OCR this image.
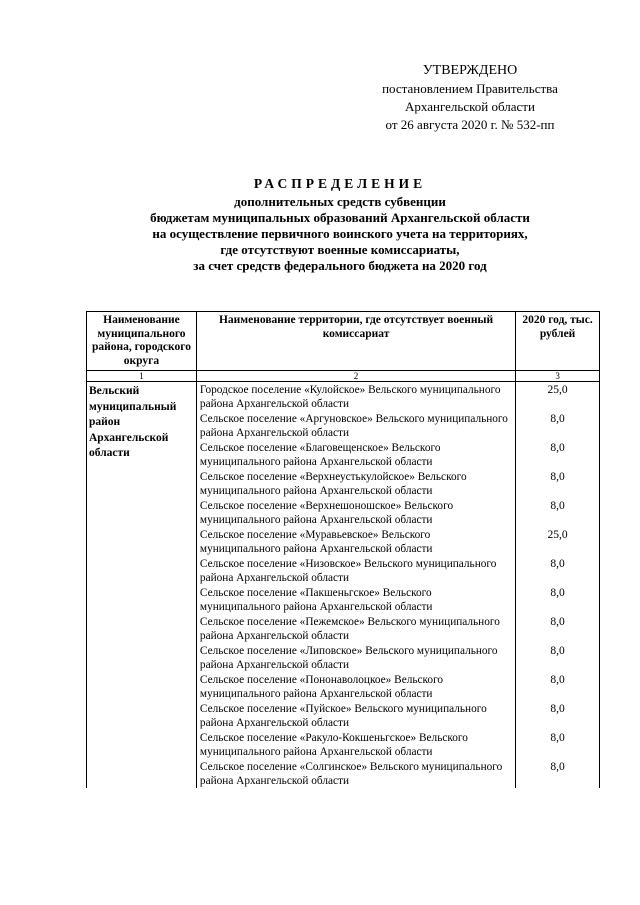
УТВЕРЖДЕНО
постановлением Правительства
Архангельской области
от 26 августа 2020 г. № 532-пп
РАСПРЕДЕЛЕНИЕ
дополнительных средств субвенции
бюджетам муниципальных образований Архангельской области
на осуществление первичного воинского учета на территориях,
где отсутствуют военные комиссариаты,
за счет средств федерального бюджета на 2020 год
Наименование муниципального района, городского округа	Наименование территории, где отсутствует военный комиссариат	2020 год, тыс. рублей
1	2	3
Вельский муниципальный район Архангельской области	Городское поселение «Кулойское» Вельского муниципального района Архангельской области	25,0
	Сельское поселение «Аргуновское» Вельского муниципального района Архангельской области	8,0
	Сельское поселение «Благовещенское» Вельского муниципального района Архангельской области	8,0
	Сельское поселение «Верхнеустькулойское» Вельского муниципального района Архангельской области	8,0
	Сельское поселение «Верхнешоношское» Вельского муниципального района Архангельской области	8,0
	Сельское поселение «Муравьевское» Вельского муниципального района Архангельской области	25,0
	Сельское поселение «Низовское» Вельского муниципального района Архангельской области	8,0
	Сельское поселение «Пакшеньгское» Вельского муниципального района Архангельской области	8,0
	Сельское поселение «Пежемское» Вельского муниципального района Архангельской области	8,0
	Сельское поселение «Липовское» Вельского муниципального района Архангельской области	8,0
	Сельское поселение «Пононаволоцкое» Вельского муниципального района Архангельской области	8,0
	Сельское поселение «Пуйское» Вельского муниципального района Архангельской области	8,0
	Сельское поселение «Ракуло-Кокшеньгское» Вельского муниципального района Архангельской области	8,0
	Сельское поселение «Солгинское» Вельского муниципального района Архангельской области	8,0
